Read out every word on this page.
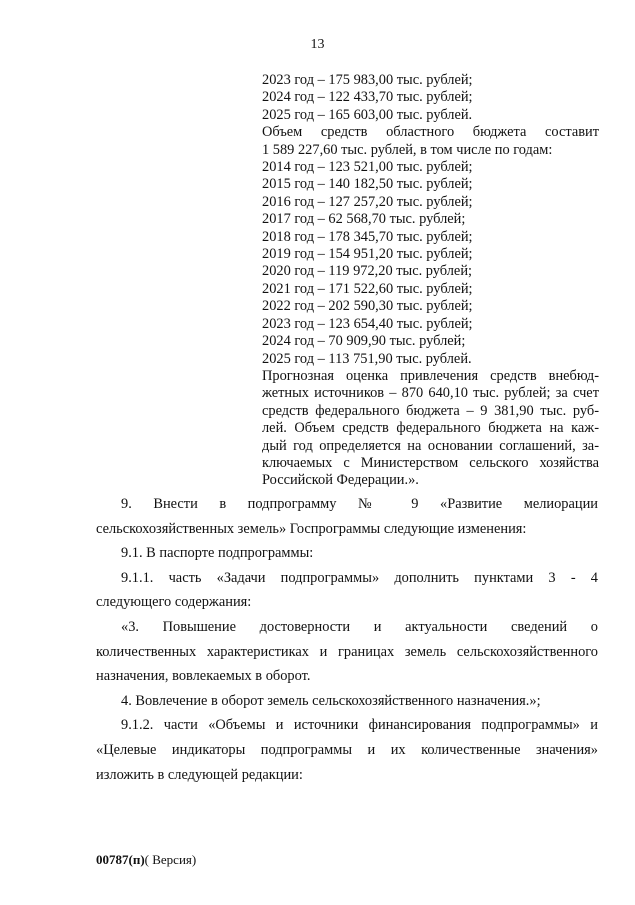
13
2023 год – 175 983,00 тыс. рублей;
2024 год – 122 433,70 тыс. рублей;
2025 год – 165 603,00 тыс. рублей.
Объем средств областного бюджета составит
1 589 227,60 тыс. рублей, в том числе по годам:
2014 год – 123 521,00 тыс. рублей;
2015 год – 140 182,50 тыс. рублей;
2016 год – 127 257,20 тыс. рублей;
2017 год – 62 568,70 тыс. рублей;
2018 год – 178 345,70 тыс. рублей;
2019 год – 154 951,20 тыс. рублей;
2020 год – 119 972,20 тыс. рублей;
2021 год – 171 522,60 тыс. рублей;
2022 год – 202 590,30 тыс. рублей;
2023 год – 123 654,40 тыс. рублей;
2024 год – 70 909,90 тыс. рублей;
2025 год – 113 751,90 тыс. рублей.
Прогнозная оценка привлечения средств внебюд-
жетных источников – 870 640,10 тыс. рублей; за счет
средств федерального бюджета – 9 381,90 тыс. руб-
лей. Объем средств федерального бюджета на каж-
дый год определяется на основании соглашений, за-
ключаемых с Министерством сельского хозяйства
Российской Федерации.».
9. Внести в подпрограмму № 9 «Развитие мелиорации
сельскохозяйственных земель» Госпрограммы следующие изменения:
9.1. В паспорте подпрограммы:
9.1.1. часть «Задачи подпрограммы» дополнить пунктами 3 - 4
следующего содержания:
«3. Повышение достоверности и актуальности сведений о
количественных характеристиках и границах земель сельскохозяйственного
назначения, вовлекаемых в оборот.
4. Вовлечение в оборот земель сельскохозяйственного назначения.»;
9.1.2. части «Объемы и источники финансирования подпрограммы» и
«Целевые индикаторы подпрограммы и их количественные значения»
изложить в следующей редакции:
00787(п)( Версия)
